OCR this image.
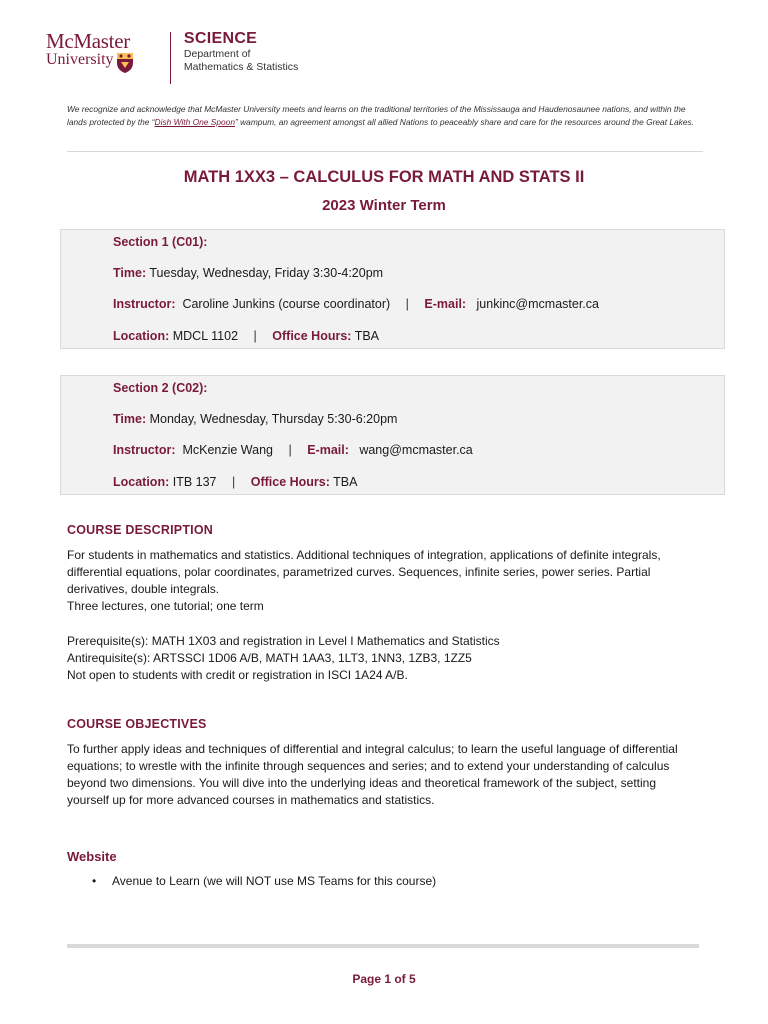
McMaster
University
SCIENCE
Department of
Mathematics & Statistics
We recognize and acknowledge that McMaster University meets and learns on the traditional territories of the Mississauga and Haudenosaunee nations, and within the lands protected by the “Dish With One Spoon” wampum, an agreement amongst all allied Nations to peaceably share and care for the resources around the Great Lakes.
MATH 1XX3 – CALCULUS FOR MATH AND STATS II
2023 Winter Term
Section 1 (C01):
Time: Tuesday, Wednesday, Friday 3:30-4:20pm
Instructor: Caroline Junkins (course coordinator) | E-mail: junkinc@mcmaster.ca
Location: MDCL 1102 | Office Hours: TBA
Section 2 (C02):
Time: Monday, Wednesday, Thursday 5:30-6:20pm
Instructor: McKenzie Wang | E-mail: wang@mcmaster.ca
Location: ITB 137 | Office Hours: TBA
COURSE DESCRIPTION
For students in mathematics and statistics. Additional techniques of integration, applications of definite integrals,
differential equations, polar coordinates, parametrized curves. Sequences, infinite series, power series. Partial
derivatives, double integrals.
Three lectures, one tutorial; one term
Prerequisite(s): MATH 1X03 and registration in Level I Mathematics and Statistics
Antirequisite(s): ARTSSCI 1D06 A/B, MATH 1AA3, 1LT3, 1NN3, 1ZB3, 1ZZ5
Not open to students with credit or registration in ISCI 1A24 A/B.
COURSE OBJECTIVES
To further apply ideas and techniques of differential and integral calculus; to learn the useful language of differential
equations; to wrestle with the infinite through sequences and series; and to extend your understanding of calculus
beyond two dimensions. You will dive into the underlying ideas and theoretical framework of the subject, setting
yourself up for more advanced courses in mathematics and statistics.
Website
•	Avenue to Learn (we will NOT use MS Teams for this course)
Page 1 of 5
